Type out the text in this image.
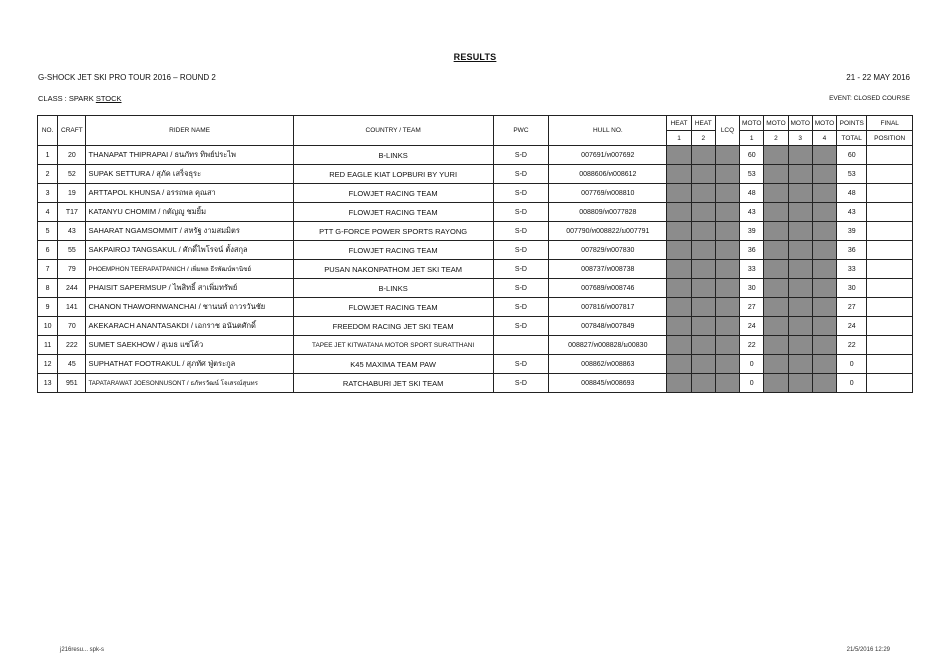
RESULTS
G-SHOCK JET SKI PRO TOUR 2016 – ROUND 2	21 - 22 MAY 2016
CLASS : SPARK STOCK	EVENT: CLOSED COURSE
NO.	CRAFT	RIDER NAME	COUNTRY / TEAM	PWC	HULL NO.	HEAT	HEAT	LCQ	MOTO	MOTO	MOTO	MOTO	POINTS	FINAL
						1	2		1	2	3	4	TOTAL	POSITION
1	20	THANAPAT THIPRAPAI / ธนภัทร ทิพย์ประไพ	B-LINKS	S-D	007691/ท007692				60				60	
2	52	SUPAK SETTURA / สุภัค เสร็จธุระ	RED EAGLE KIAT LOPBURI BY YURI	S-D	0088606/ท008612				53				53	
3	19	ARTTAPOL KHUNSA / อรรถพล คุณสา	FLOWJET RACING TEAM	S-D	007769/ท008810				48				48	
4	T17	KATANYU CHOMIM / กตัญญู ชมยิ้ม	FLOWJET RACING TEAM	S-D	008809/ท0077828				43				43	
5	43	SAHARAT NGAMSOMMIT / สหรัฐ งามสมมิตร	PTT G-FORCE POWER SPORTS RAYONG	S-D	007790/ท008822/ม007791				39				39	
6	55	SAKPAIROJ TANGSAKUL / ศักดิ์ไพโรจน์ ตั้งสกุล	FLOWJET RACING TEAM	S-D	007829/ท007830				36				36	
7	79	PHOEMPHON TEERAPATPANICH / เพิ่มพล ธีรพัฒน์พานิชย์	PUSAN NAKONPATHOM JET SKI TEAM	S-D	008737/ท008738				33				33	
8	244	PHAISIT SAPERMSUP / ไพสิทธิ์ สาเพิ่มทรัพย์	B-LINKS	S-D	007689/ท008746				30				30	
9	141	CHANON THAWORNWANCHAI / ชานนท์ ถาวรวันชัย	FLOWJET RACING TEAM	S-D	007816/ท007817				27				27	
10	70	AKEKARACH ANANTASAKDI / เอกราช อนันตศักดิ์	FREEDOM RACING JET SKI TEAM	S-D	007848/ท007849				24				24	
11	222	SUMET SAEKHOW / สุเมธ แซ่โค้ว	TAPEE JET KITWATANA MOTOR SPORT SURATTHANI		008827/ท008828/ม00830				22				22	
12	45	SUPHATHAT FOOTRAKUL / สุภทัศ ฟู่ตระกูล	K45 MAXIMA TEAM PAW	S-D	008862/ท008863				0				0	
13	951	TAPATARAWAT JOESONNUSONT / ธภัทรวัฒน์ โจเสรณ์สุนทร	RATCHABURI JET SKI TEAM	S-D	008845/ท008693				0				0	
j216resu... spk-s	21/5/2016 12:29
